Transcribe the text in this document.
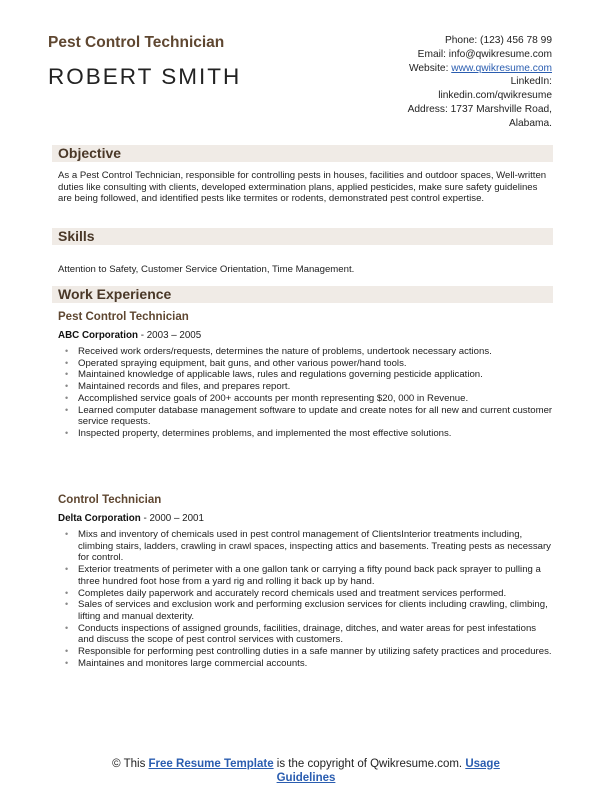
Pest Control Technician
ROBERT SMITH
Phone: (123) 456 78 99
Email: info@qwikresume.com
Website: www.qwikresume.com
LinkedIn:
linkedin.com/qwikresume
Address: 1737 Marshville Road,
Alabama.
Objective
As a Pest Control Technician, responsible for controlling pests in houses, facilities and outdoor spaces, Well-written duties like consulting with clients, developed extermination plans, applied pesticides, make sure safety guidelines are being followed, and identified pests like termites or rodents, demonstrated pest control expertise.
Skills
Attention to Safety, Customer Service Orientation, Time Management.
Work Experience
Pest Control Technician
ABC Corporation - 2003 – 2005
• Received work orders/requests, determines the nature of problems, undertook necessary actions.
• Operated spraying equipment, bait guns, and other various power/hand tools.
• Maintained knowledge of applicable laws, rules and regulations governing pesticide application.
• Maintained records and files, and prepares report.
• Accomplished service goals of 200+ accounts per month representing $20, 000 in Revenue.
• Learned computer database management software to update and create notes for all new and current customer service requests.
• Inspected property, determines problems, and implemented the most effective solutions.
Control Technician
Delta Corporation - 2000 – 2001
• Mixs and inventory of chemicals used in pest control management of ClientsInterior treatments including, climbing stairs, ladders, crawling in crawl spaces, inspecting attics and basements. Treating pests as necessary for control.
• Exterior treatments of perimeter with a one gallon tank or carrying a fifty pound back pack sprayer to pulling a three hundred foot hose from a yard rig and rolling it back up by hand.
• Completes daily paperwork and accurately record chemicals used and treatment services performed.
• Sales of services and exclusion work and performing exclusion services for clients including crawling, climbing, lifting and manual dexterity.
• Conducts inspections of assigned grounds, facilities, drainage, ditches, and water areas for pest infestations and discuss the scope of pest control services with customers.
• Responsible for performing pest controlling duties in a safe manner by utilizing safety practices and procedures.
• Maintaines and monitores large commercial accounts.
© This Free Resume Template is the copyright of Qwikresume.com. Usage
Guidelines
